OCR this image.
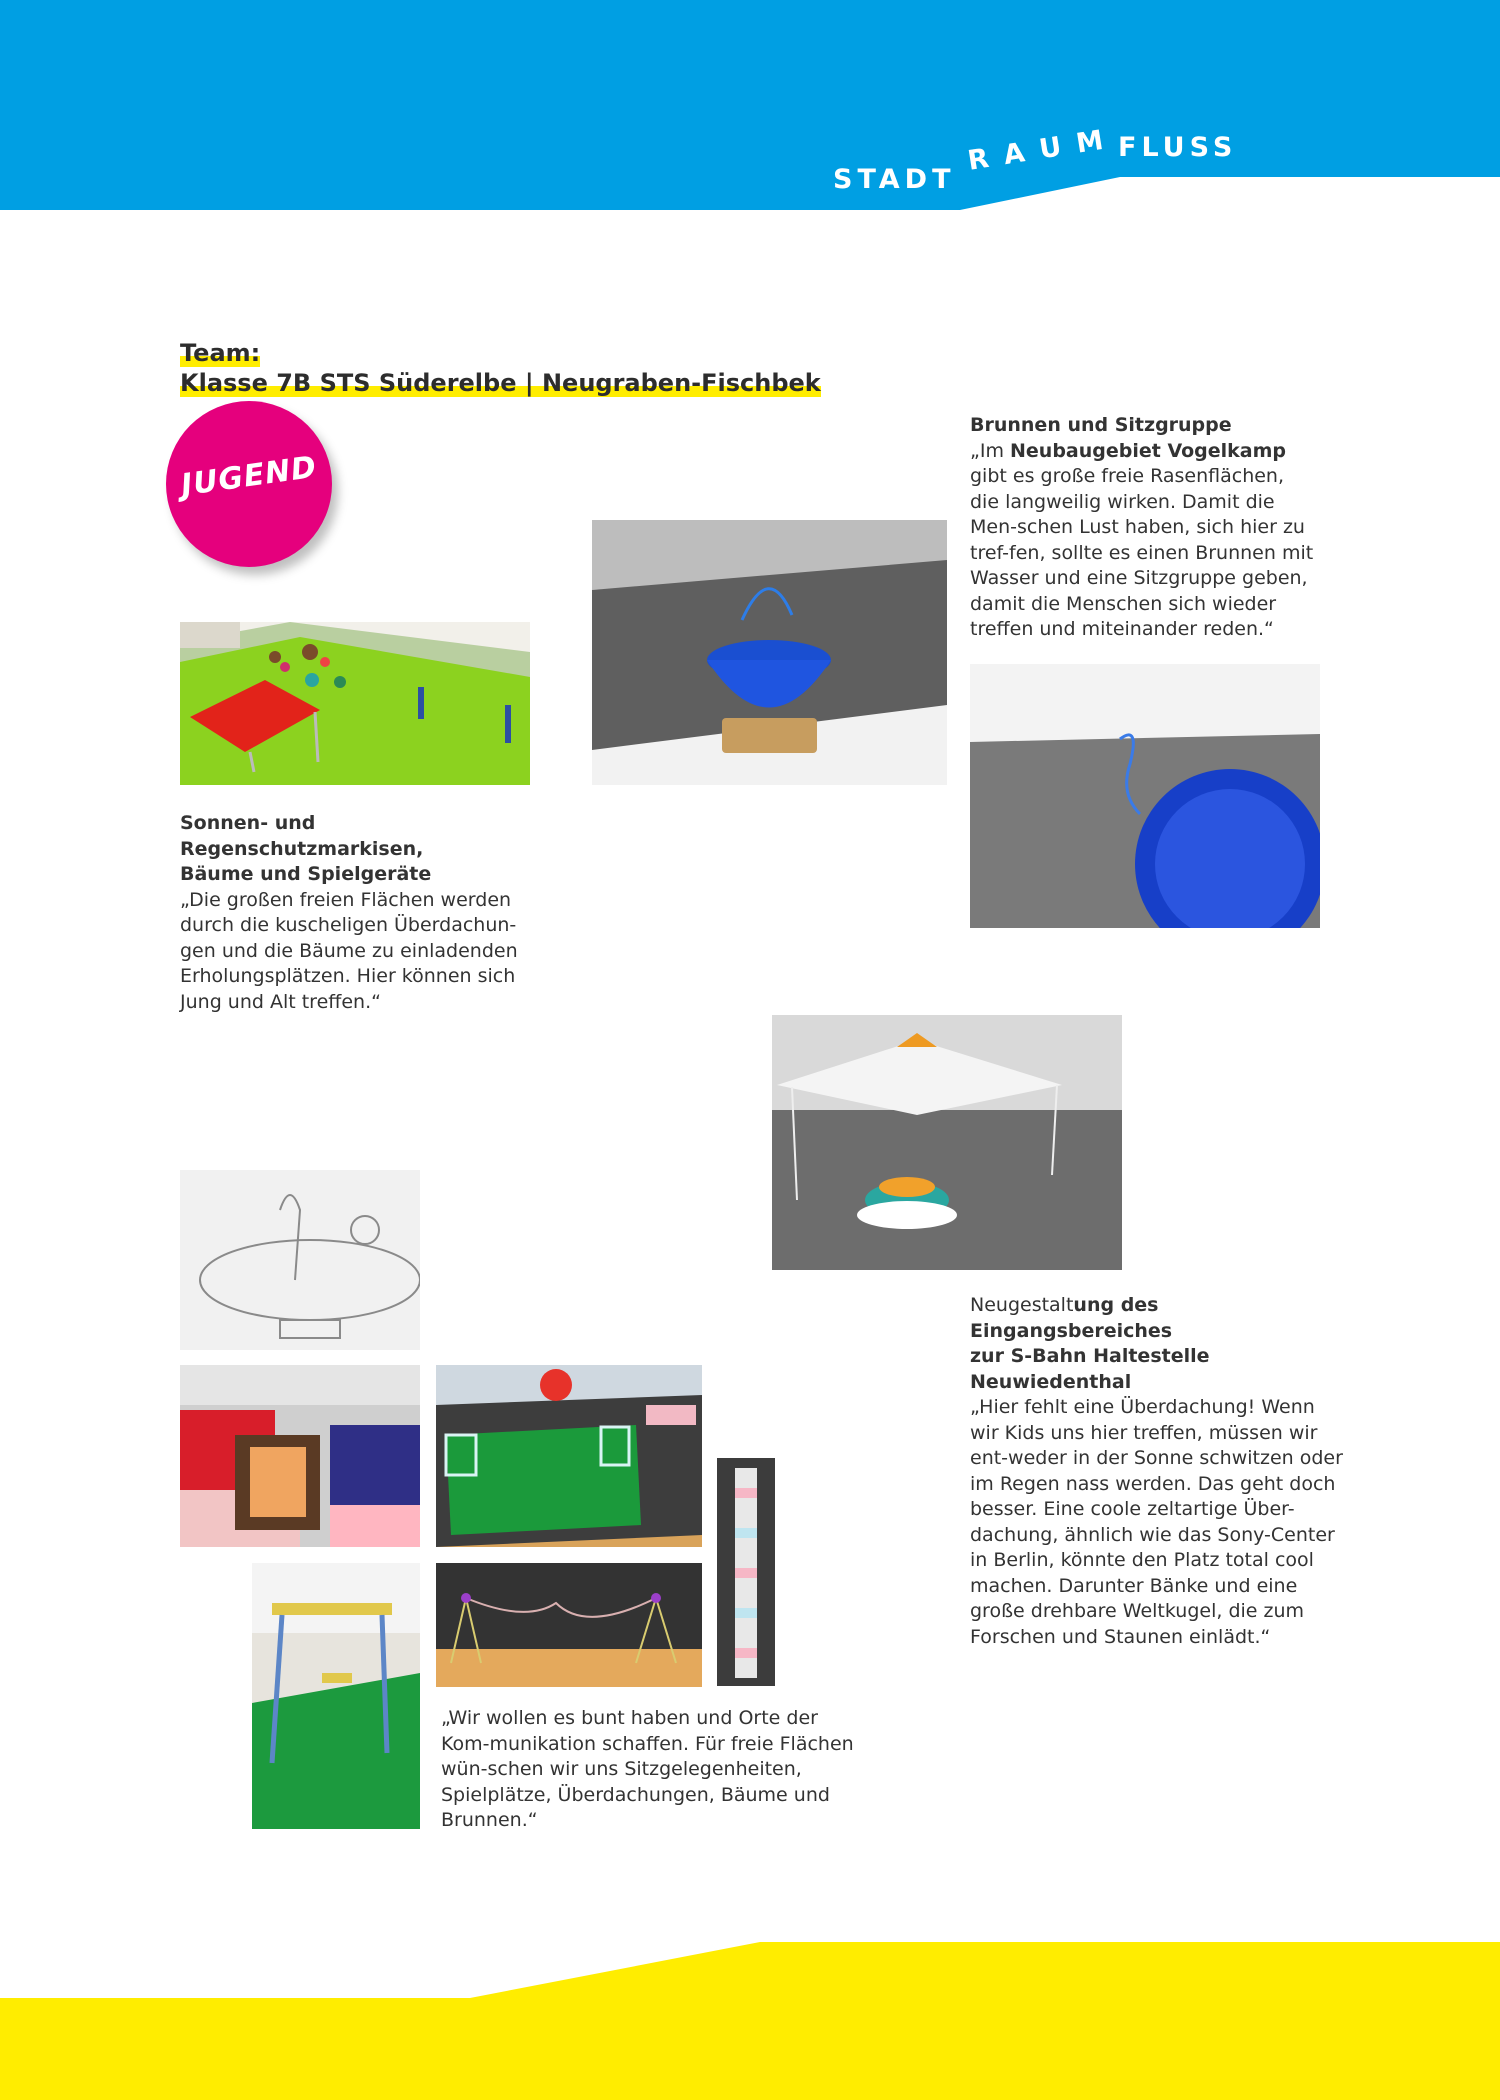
STADT
R A U M FLUSS
Team:
Klasse 7B STS Süderelbe | Neugraben-Fischbek
JUGEND
Brunnen und Sitzgruppe
„Im Neubaugebiet Vogelkamp gibt es große freie Rasenflächen, die langweilig wirken. Damit die Men-schen Lust haben, sich hier zu tref-fen, sollte es einen Brunnen mit Wasser und eine Sitzgruppe geben, damit die Menschen sich wieder treffen und miteinander reden.“
Sonnen- und Regenschutzmarkisen,
Bäume und Spielgeräte
„Die großen freien Flächen werden durch die kuscheligen Überdachun-gen und die Bäume zu einladenden Erholungsplätzen. Hier können sich Jung und Alt treffen.“
Neugestaltung des Eingangsbereiches
zur S-Bahn Haltestelle Neuwiedenthal
„Hier fehlt eine Überdachung! Wenn wir Kids uns hier treffen, müssen wir ent-weder in der Sonne schwitzen oder im Regen nass werden. Das geht doch besser. Eine coole zeltartige Über-dachung, ähnlich wie das Sony-Center in Berlin, könnte den Platz total cool machen. Darunter Bänke und eine große drehbare Weltkugel, die zum Forschen und Staunen einlädt.“
„Wir wollen es bunt haben und Orte der Kom-munikation schaffen. Für freie Flächen wün-schen wir uns Sitzgelegenheiten, Spielplätze, Überdachungen, Bäume und Brunnen.“
